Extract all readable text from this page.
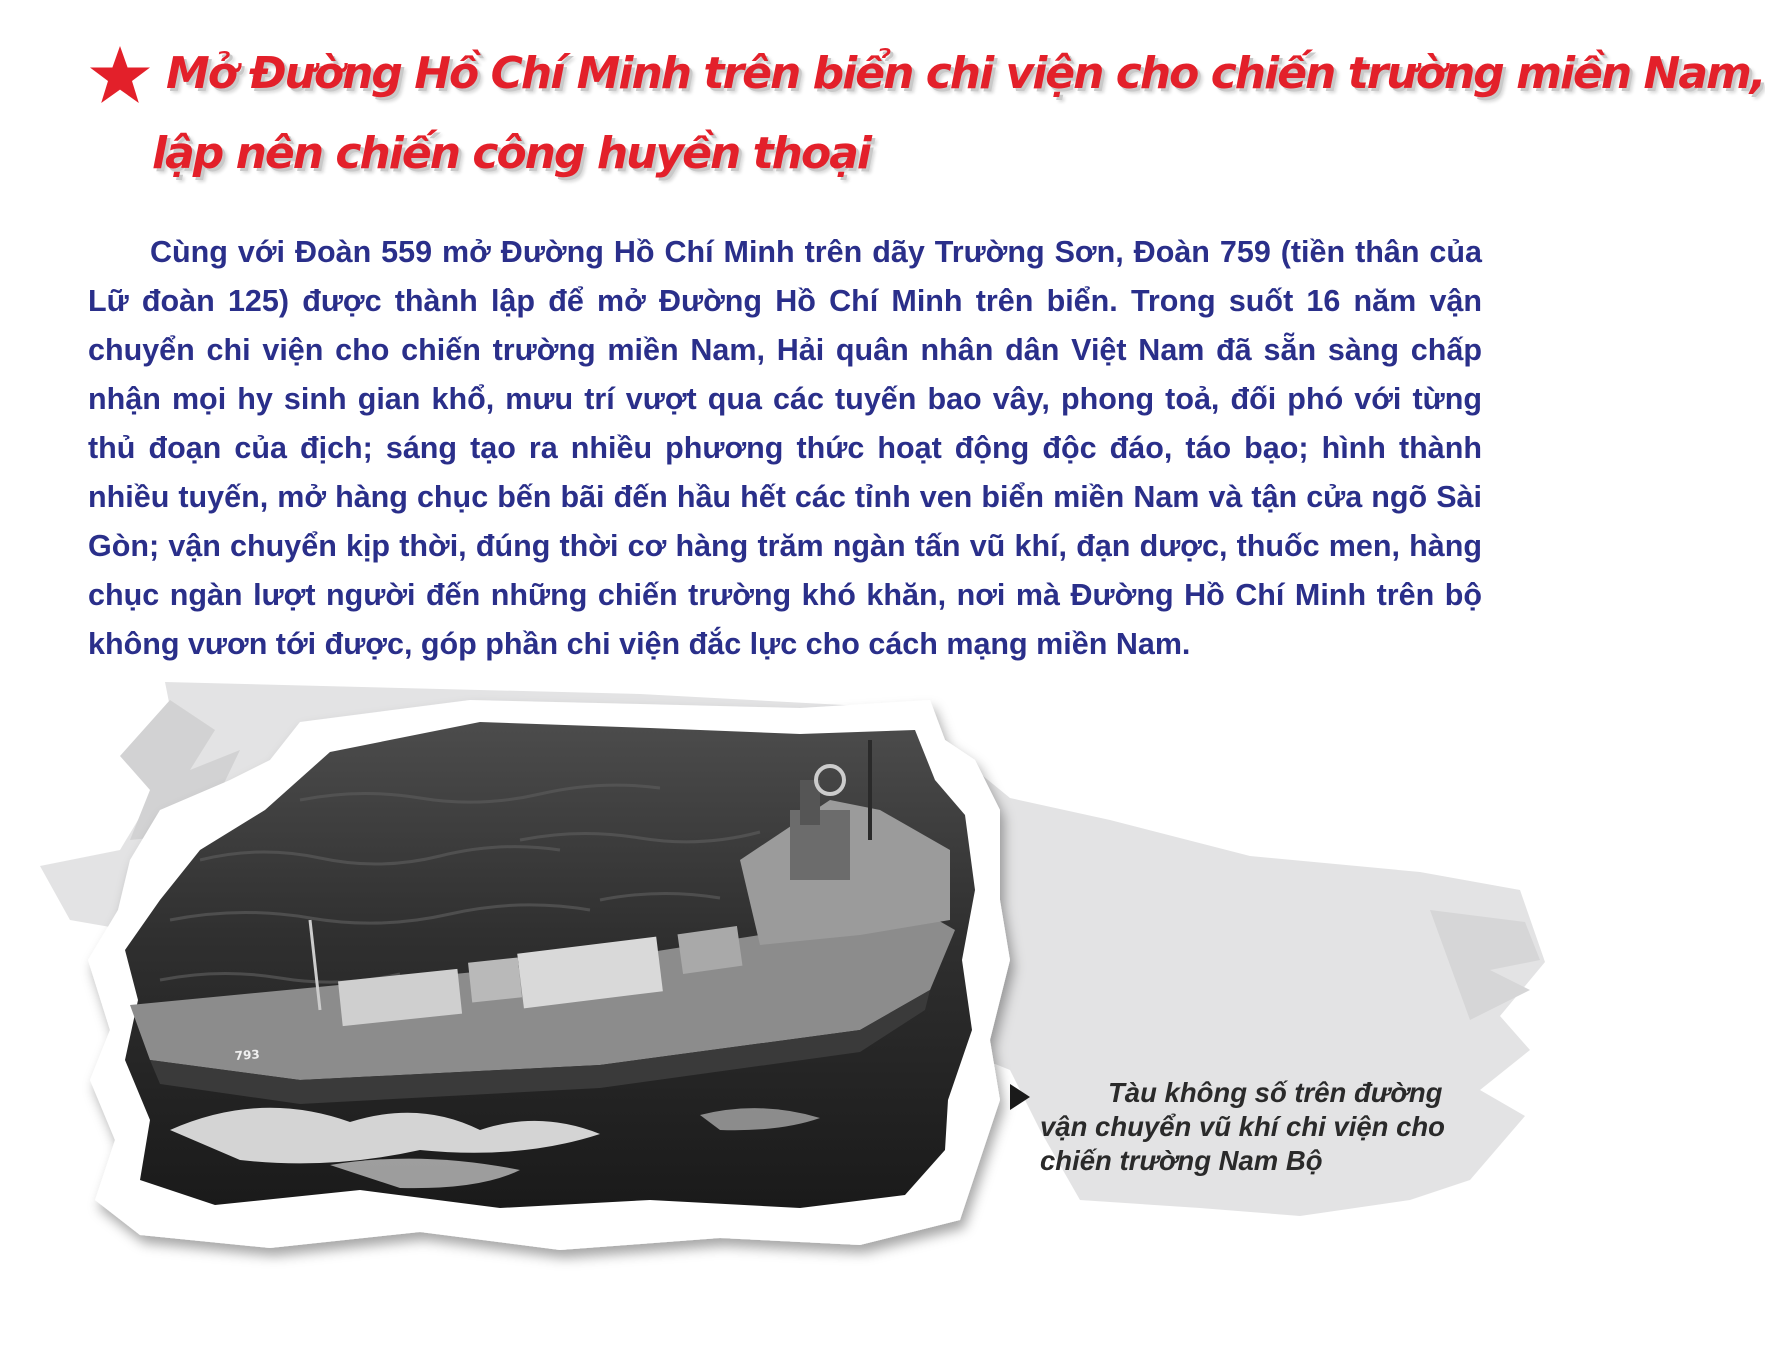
Mở Đường Hồ Chí Minh trên biển chi viện cho chiến trường miền Nam,
lập nên chiến công huyền thoại

Cùng với Đoàn 559 mở Đường Hồ Chí Minh trên dãy Trường Sơn, Đoàn 759 (tiền thân của Lữ đoàn 125) được thành lập để mở Đường Hồ Chí Minh trên biển. Trong suốt 16 năm vận chuyển chi viện cho chiến trường miền Nam, Hải quân nhân dân Việt Nam đã sẵn sàng chấp nhận mọi hy sinh gian khổ, mưu trí vượt qua các tuyến bao vây, phong toả, đối phó với từng thủ đoạn của địch; sáng tạo ra nhiều phương thức hoạt động độc đáo, táo bạo; hình thành nhiều tuyến, mở hàng chục bến bãi đến hầu hết các tỉnh ven biển miền Nam và tận cửa ngõ Sài Gòn; vận chuyển kịp thời, đúng thời cơ hàng trăm ngàn tấn vũ khí, đạn dược, thuốc men, hàng chục ngàn lượt người đến những chiến trường khó khăn, nơi mà Đường Hồ Chí Minh trên bộ không vươn tới được, góp phần chi viện đắc lực cho cách mạng miền Nam.

793

Tàu không số trên đường vận chuyển vũ khí chi viện cho chiến trường Nam Bộ
